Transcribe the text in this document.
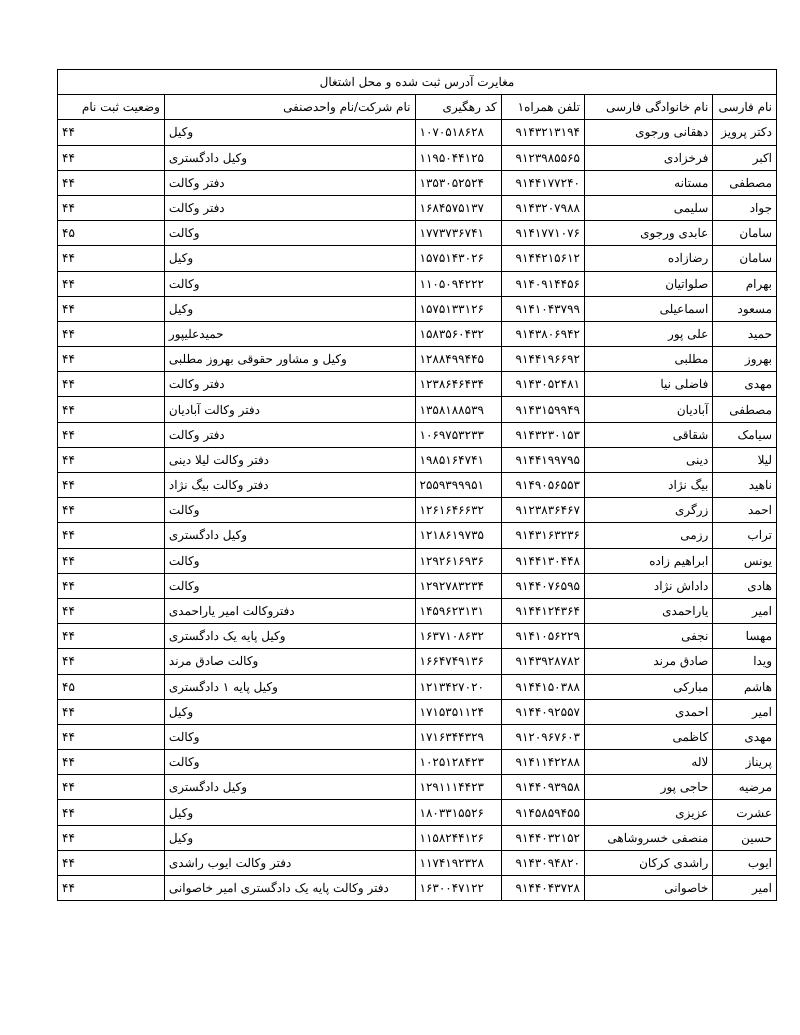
مغایرت آدرس ثبت شده و محل اشتغال					
نام فارسی	نام خانوادگی فارسی	تلفن همراه۱	کد رهگیری	نام شرکت/نام واحدصنفی	وضعیت ثبت نام
دکتر پرویز	دهقانی ورجوی	۹۱۴۳۲۱۳۱۹۴	۱۰۷۰۵۱۸۶۲۸	وکیل	۴۴
اکبر	فرخزادی	۹۱۲۳۹۸۵۵۶۵	۱۱۹۵۰۴۴۱۲۵	وکیل دادگستری	۴۴
مصطفی	مستانه	۹۱۴۴۱۷۷۲۴۰	۱۳۵۳۰۵۲۵۲۴	دفتر وکالت	۴۴
جواد	سلیمی	۹۱۴۳۲۰۷۹۸۸	۱۶۸۴۵۷۵۱۳۷	دفتر وکالت	۴۴
سامان	عابدی ورجوی	۹۱۴۱۷۷۱۰۷۶	۱۷۷۳۷۳۶۷۴۱	وکالت	۴۵
سامان	رضازاده	۹۱۴۴۲۱۵۶۱۲	۱۵۷۵۱۴۳۰۲۶	وکیل	۴۴
بهرام	صلواتیان	۹۱۴۰۹۱۴۴۵۶	۱۱۰۵۰۹۴۲۲۲	وکالت	۴۴
مسعود	اسماعیلی	۹۱۴۱۰۴۳۷۹۹	۱۵۷۵۱۳۳۱۲۶	وکیل	۴۴
حمید	علی پور	۹۱۴۳۸۰۶۹۴۲	۱۵۸۳۵۶۰۴۳۲	حمیدعلیپور	۴۴
بهروز	مطلبی	۹۱۴۴۱۹۶۶۹۲	۱۲۸۸۴۹۹۴۴۵	وکیل و مشاور حقوقی بهروز مطلبی	۴۴
مهدی	فاضلی نیا	۹۱۴۳۰۵۲۴۸۱	۱۲۳۸۶۴۶۴۳۴	دفتر وکالت	۴۴
مصطفی	آبادیان	۹۱۴۳۱۵۹۹۴۹	۱۳۵۸۱۸۸۵۳۹	دفتر وکالت آبادیان	۴۴
سیامک	شقاقی	۹۱۴۳۲۳۰۱۵۳	۱۰۶۹۷۵۳۲۳۳	دفتر وکالت	۴۴
لیلا	دینی	۹۱۴۴۱۹۹۷۹۵	۱۹۸۵۱۶۴۷۴۱	دفتر وکالت لیلا دینی	۴۴
ناهید	بیگ نژاد	۹۱۴۹۰۵۶۵۵۳	۲۵۵۹۳۹۹۹۵۱	دفتر وکالت بیگ نژاد	۴۴
احمد	زرگری	۹۱۲۳۸۳۶۴۶۷	۱۲۶۱۶۴۶۶۳۲	وکالت	۴۴
تراب	رزمی	۹۱۴۳۱۶۳۲۳۶	۱۲۱۸۶۱۹۷۳۵	وکیل دادگستری	۴۴
یونس	ابراهیم زاده	۹۱۴۴۱۳۰۴۴۸	۱۲۹۲۶۱۶۹۳۶	وکالت	۴۴
هادی	داداش نژاد	۹۱۴۴۰۷۶۵۹۵	۱۲۹۲۷۸۳۲۳۴	وکالت	۴۴
امیر	یاراحمدی	۹۱۴۴۱۲۴۳۶۴	۱۴۵۹۶۲۳۱۳۱	دفتروکالت امیر یاراحمدی	۴۴
مهسا	نجفی	۹۱۴۱۰۵۶۲۲۹	۱۶۳۷۱۰۸۶۳۲	وکیل پایه یک دادگستری	۴۴
ویدا	صادق مرند	۹۱۴۳۹۲۸۷۸۲	۱۶۶۴۷۴۹۱۳۶	وکالت صادق مرند	۴۴
هاشم	مبارکی	۹۱۴۴۱۵۰۳۸۸	۱۲۱۳۴۲۷۰۲۰	وکیل پایه ۱ دادگستری	۴۵
امیر	احمدی	۹۱۴۴۰۹۲۵۵۷	۱۷۱۵۳۵۱۱۲۴	وکیل	۴۴
مهدی	کاظمی	۹۱۲۰۹۶۷۶۰۳	۱۷۱۶۳۴۴۳۲۹	وکالت	۴۴
پریناز	لاله	۹۱۴۱۱۴۲۲۸۸	۱۰۲۵۱۲۸۴۲۳	وکالت	۴۴
مرضیه	حاجی پور	۹۱۴۴۰۹۳۹۵۸	۱۲۹۱۱۱۴۴۲۳	وکیل دادگستری	۴۴
عشرت	عزیزی	۹۱۴۵۸۵۹۴۵۵	۱۸۰۳۳۱۵۵۲۶	وکیل	۴۴
حسین	منصفی خسروشاهی	۹۱۴۴۰۳۲۱۵۲	۱۱۵۸۲۴۴۱۲۶	وکیل	۴۴
ایوب	راشدی کرکان	۹۱۴۳۰۹۴۸۲۰	۱۱۷۴۱۹۲۳۲۸	دفتر وکالت ایوب راشدی	۴۴
امیر	خاصوانی	۹۱۴۴۰۴۳۷۲۸	۱۶۳۰۰۴۷۱۲۲	دفتر وکالت پایه یک دادگستری امیر خاصوانی	۴۴
